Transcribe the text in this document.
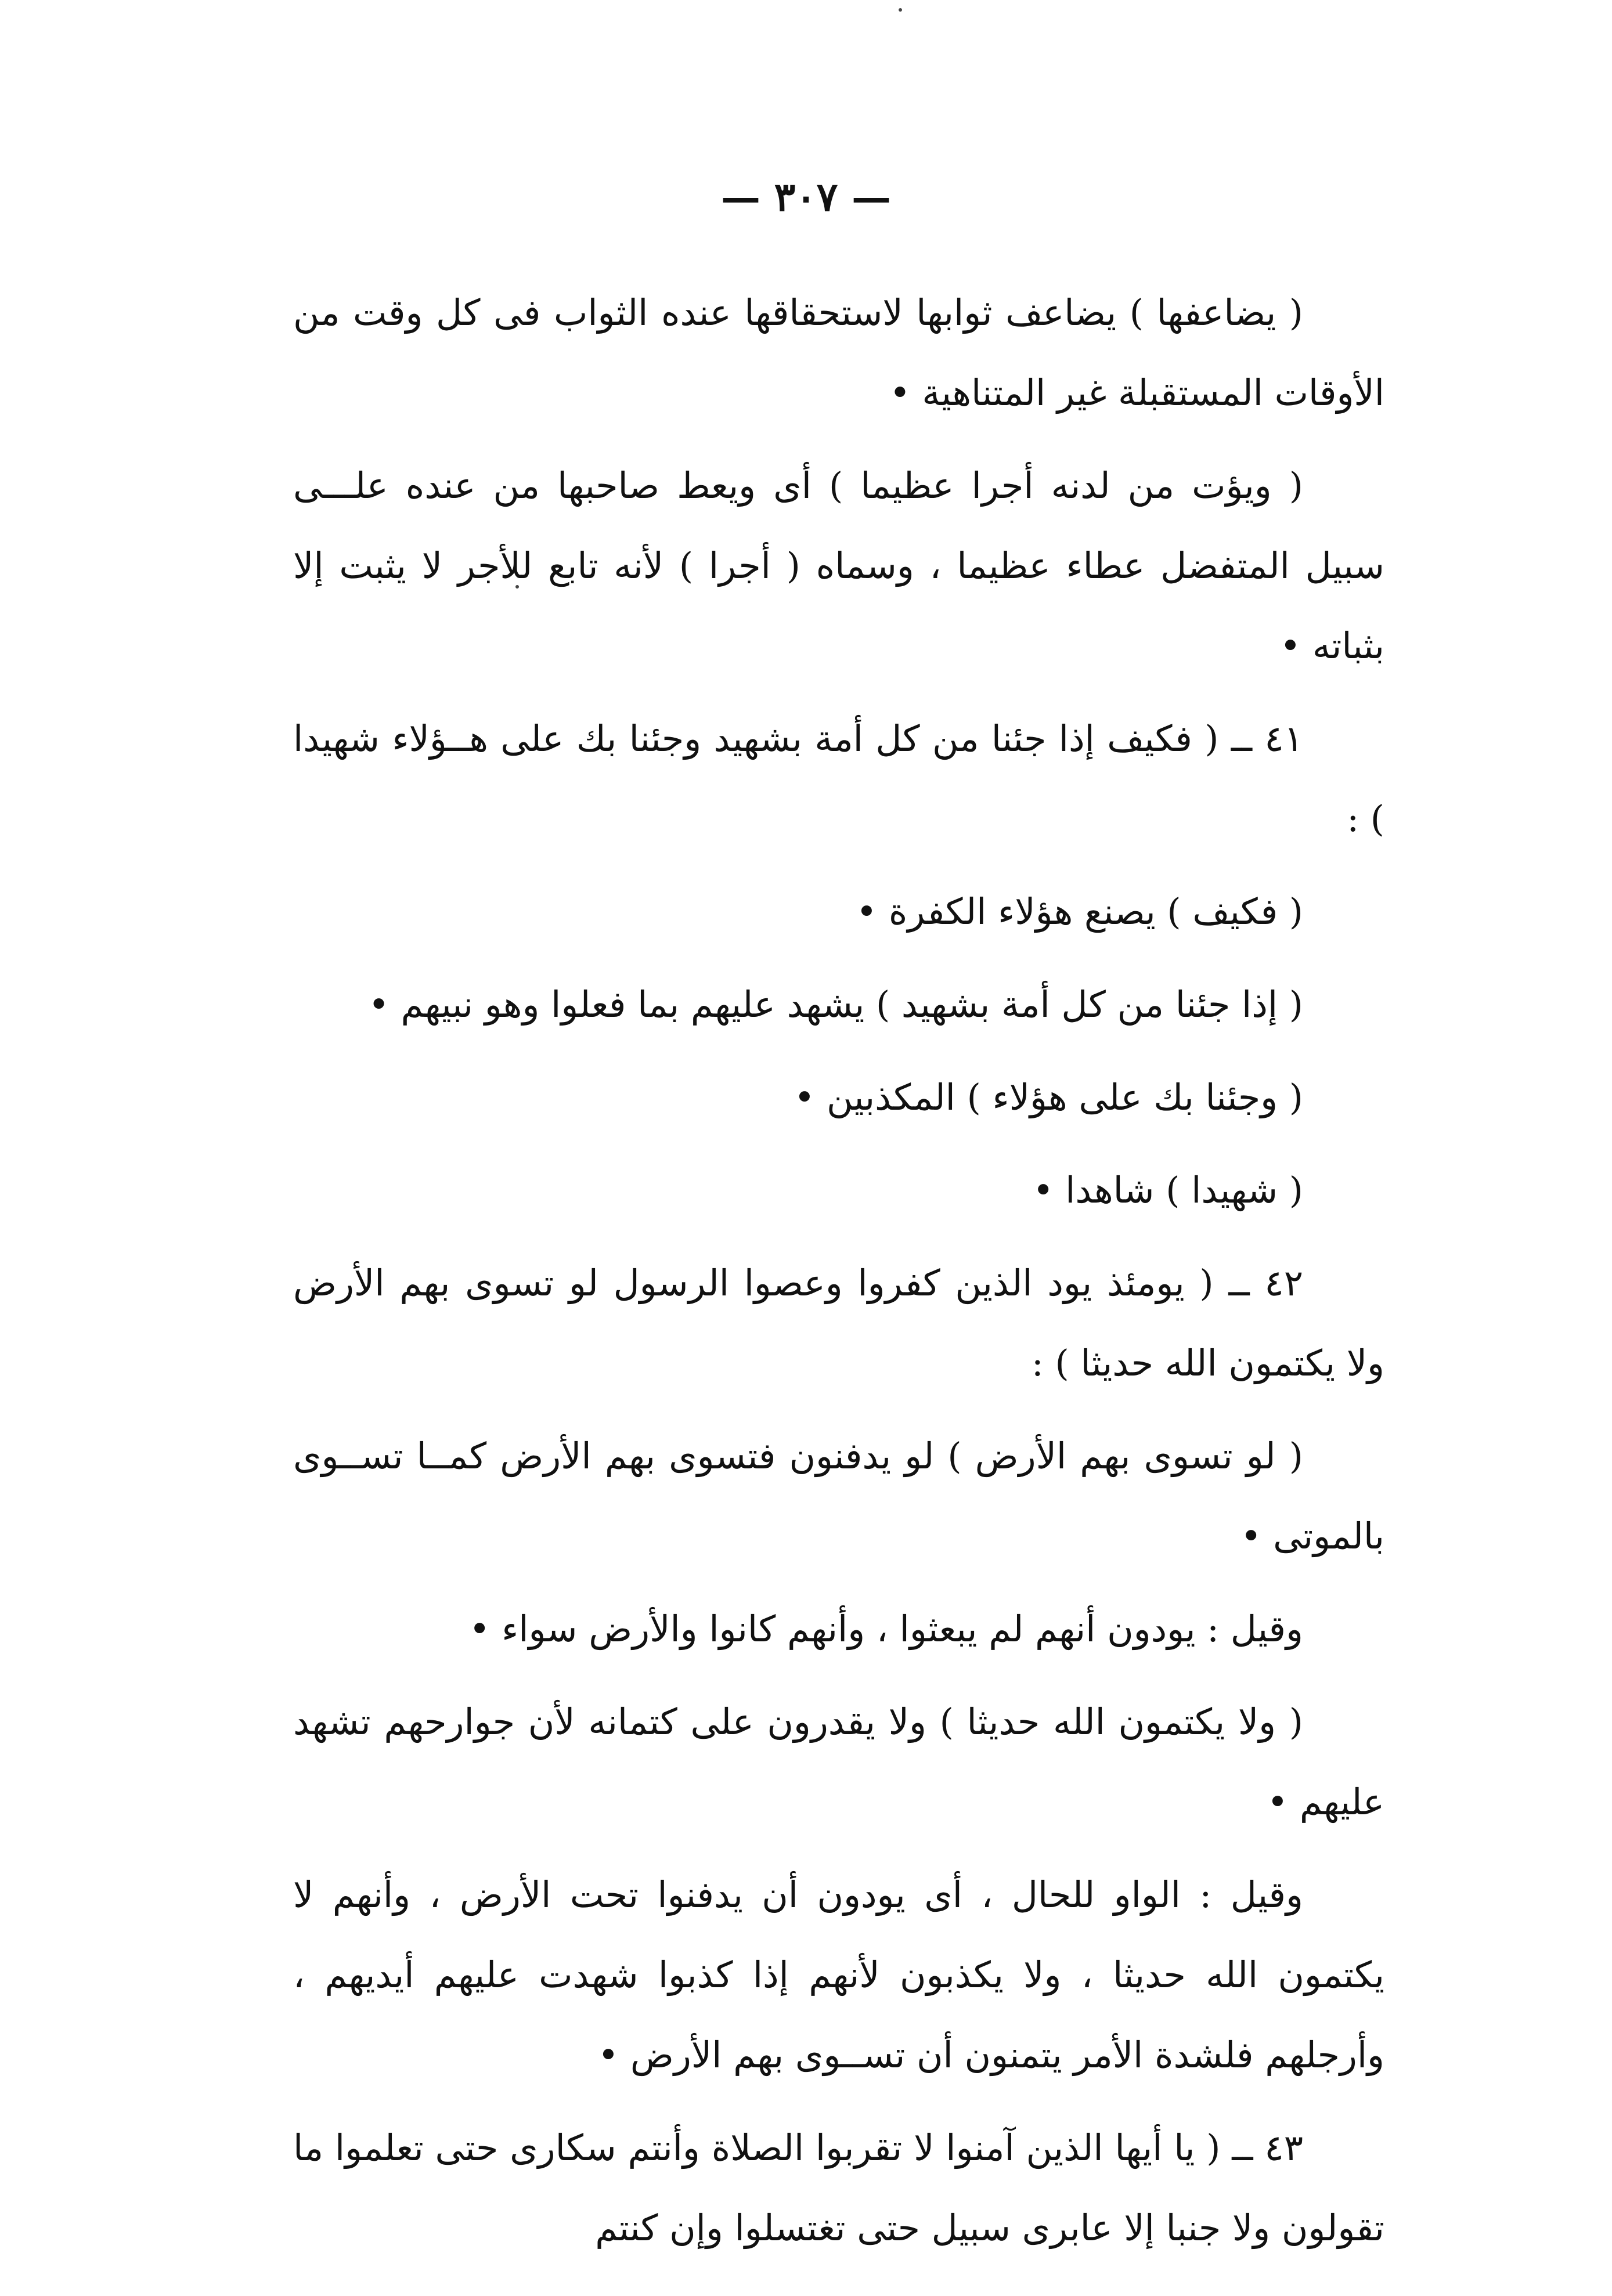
— ٣٠٧ —

( يضاعفها ) يضاعف ثوابها لاستحقاقها عنده الثواب فى كل وقت من الأوقات المستقبلة غير المتناهية •

( ويؤت من لدنه أجرا عظيما ) أى ويعط صاحبها من عنده علـــى سبيل المتفضل عطاء عظيما ، وسماه ( أجرا ) لأنه تابع للأجر لا يثبت إلا بثباته •

٤١ ــ ( فكيف إذا جئنا من كل أمة بشهيد وجئنا بك على هــؤلاء شهيدا ) :

( فكيف ) يصنع هؤلاء الكفرة •

( إذا جئنا من كل أمة بشهيد ) يشهد عليهم بما فعلوا وهو نبيهم •

( وجئنا بك على هؤلاء ) المكذبين •

( شهيدا ) شاهدا •

٤٢ ــ ( يومئذ يود الذين كفروا وعصوا الرسول لو تسوى بهم الأرض ولا يكتمون الله حديثا ) :

( لو تسوى بهم الأرض ) لو يدفنون فتسوى بهم الأرض كمــا تســوى بالموتى •

وقيل : يودون أنهم لم يبعثوا ، وأنهم كانوا والأرض سواء •

( ولا يكتمون الله حديثا ) ولا يقدرون على كتمانه لأن جوارحهم تشهد عليهم •

وقيل : الواو للحال ، أى يودون أن يدفنوا تحت الأرض ، وأنهم لا يكتمون الله حديثا ، ولا يكذبون لأنهم إذا كذبوا شهدت عليهم أيديهم ، وأرجلهم فلشدة الأمر يتمنون أن تســوى بهم الأرض •

٤٣ ــ ( يا أيها الذين آمنوا لا تقربوا الصلاة وأنتم سكارى حتى تعلموا ما تقولون ولا جنبا إلا عابرى سبيل حتى تغتسلوا وإن كنتم
